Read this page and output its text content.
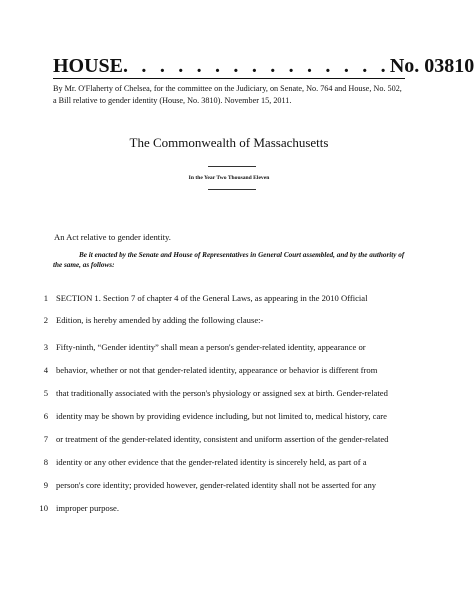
HOUSE . . . . . . . . . . . . . . . No. 03810
By Mr. O'Flaherty of Chelsea, for the committee on the Judiciary, on Senate, No. 764 and House, No. 502, a Bill relative to gender identity (House, No. 3810). November 15, 2011.
The Commonwealth of Massachusetts
In the Year Two Thousand Eleven
An Act relative to gender identity.
Be it enacted by the Senate and House of Representatives in General Court assembled, and by the authority of the same, as follows:
1 SECTION 1. Section 7 of chapter 4 of the General Laws, as appearing in the 2010 Official
2 Edition, is hereby amended by adding the following clause:-
3 Fifty-ninth, “Gender identity” shall mean a person's gender-related identity, appearance or
4 behavior, whether or not that gender-related identity, appearance or behavior is different from
5 that traditionally associated with the person's physiology or assigned sex at birth. Gender-related
6 identity may be shown by providing evidence including, but not limited to, medical history, care
7 or treatment of the gender-related identity, consistent and uniform assertion of the gender-related
8 identity or any other evidence that the gender-related identity is sincerely held, as part of a
9 person's core identity; provided however, gender-related identity shall not be asserted for any
10 improper purpose.
